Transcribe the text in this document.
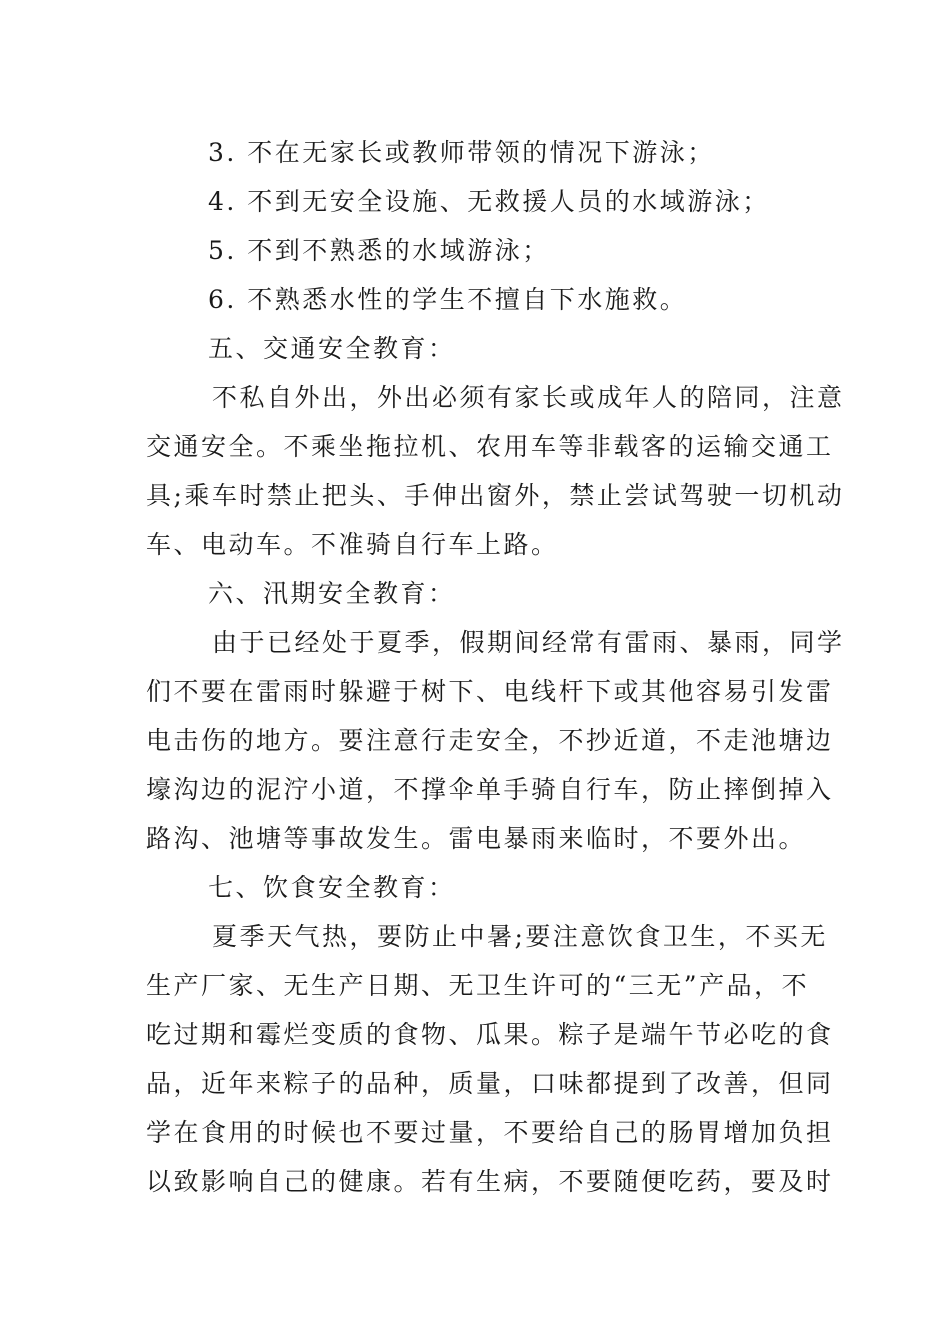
3. 不在无家长或教师带领的情况下游泳；

4. 不到无安全设施、无救援人员的水域游泳；

5. 不到不熟悉的水域游泳；

6. 不熟悉水性的学生不擅自下水施救。

五、交通安全教育：

不私自外出，外出必须有家长或成年人的陪同，注意

交通安全。不乘坐拖拉机、农用车等非载客的运输交通工

具;乘车时禁止把头、手伸出窗外，禁止尝试驾驶一切机动

车、电动车。不准骑自行车上路。

六、汛期安全教育：

由于已经处于夏季，假期间经常有雷雨、暴雨，同学

们不要在雷雨时躲避于树下、电线杆下或其他容易引发雷

电击伤的地方。要注意行走安全，不抄近道，不走池塘边

壕沟边的泥泞小道，不撑伞单手骑自行车，防止摔倒掉入

路沟、池塘等事故发生。雷电暴雨来临时，不要外出。

七、饮食安全教育：

夏季天气热，要防止中暑;要注意饮食卫生，不买无

生产厂家、无生产日期、无卫生许可的“三无”产品，不

吃过期和霉烂变质的食物、瓜果。粽子是端午节必吃的食

品，近年来粽子的品种，质量，口味都提到了改善，但同

学在食用的时候也不要过量，不要给自己的肠胃增加负担

以致影响自己的健康。若有生病，不要随便吃药，要及时
